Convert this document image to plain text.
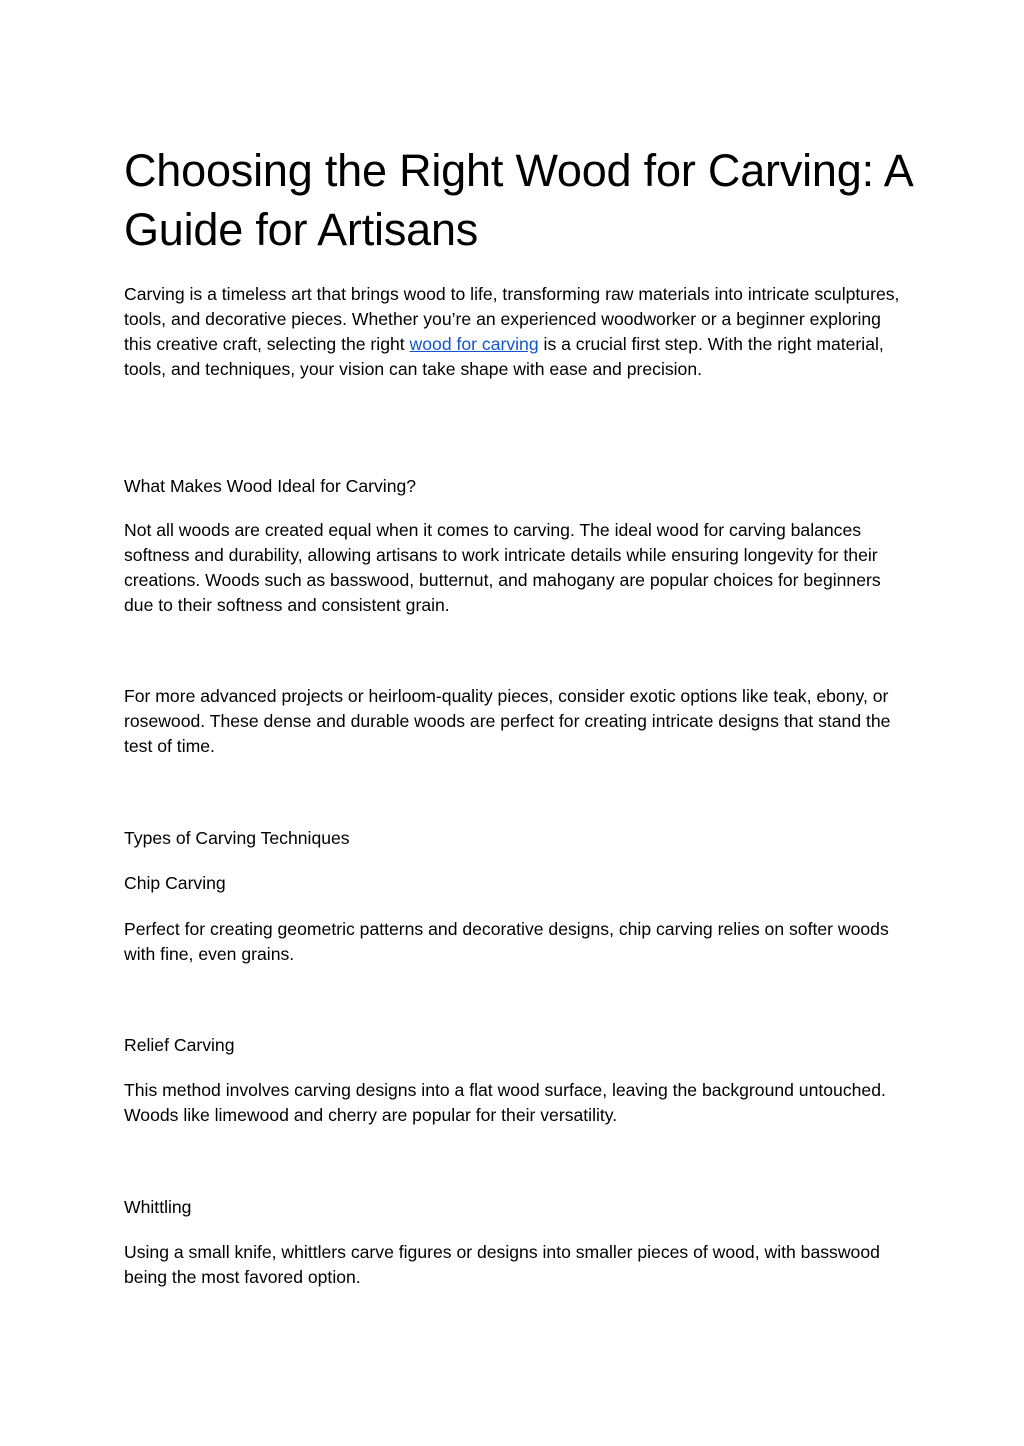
Choosing the Right Wood for Carving: A Guide for Artisans

Carving is a timeless art that brings wood to life, transforming raw materials into intricate sculptures, tools, and decorative pieces. Whether you’re an experienced woodworker or a beginner exploring this creative craft, selecting the right wood for carving is a crucial first step. With the right material, tools, and techniques, your vision can take shape with ease and precision.

What Makes Wood Ideal for Carving?

Not all woods are created equal when it comes to carving. The ideal wood for carving balances softness and durability, allowing artisans to work intricate details while ensuring longevity for their creations. Woods such as basswood, butternut, and mahogany are popular choices for beginners due to their softness and consistent grain.

For more advanced projects or heirloom-quality pieces, consider exotic options like teak, ebony, or rosewood. These dense and durable woods are perfect for creating intricate designs that stand the test of time.

Types of Carving Techniques
Chip Carving

Perfect for creating geometric patterns and decorative designs, chip carving relies on softer woods with fine, even grains.

Relief Carving

This method involves carving designs into a flat wood surface, leaving the background untouched. Woods like limewood and cherry are popular for their versatility.

Whittling

Using a small knife, whittlers carve figures or designs into smaller pieces of wood, with basswood being the most favored option.
